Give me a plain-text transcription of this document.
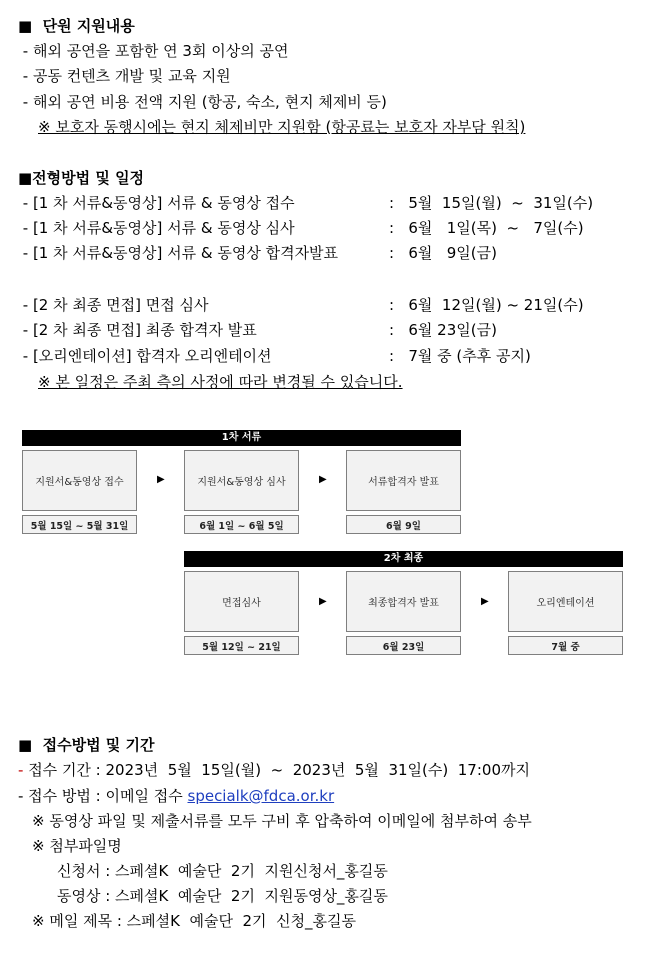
■  단원 지원내용
- 해외 공연을 포함한 연 3회 이상의 공연
- 공동 컨텐츠 개발 및 교육 지원
- 해외 공연 비용 전액 지원 (항공, 숙소, 현지 체제비 등)
※ 보호자 동행시에는 현지 체제비만 지원함 (항공료는 보호자 자부담 원칙)
■전형방법 및 일정
- [1 차 서류&동영상] 서류 & 동영상 접수	:   5월  15일(월)  ~  31일(수)
- [1 차 서류&동영상] 서류 & 동영상 심사	:   6월   1일(목)  ~   7일(수)
- [1 차 서류&동영상] 서류 & 동영상 합격자발표	:   6월   9일(금)
- [2 차 최종 면접] 면접 심사	:   6월  12일(월) ~ 21일(수)
- [2 차 최종 면접] 최종 합격자 발표	:   6월 23일(금)
- [오리엔테이션] 합격자 오리엔테이션	:   7월 중 (추후 공지)
※ 본 일정은 주최 측의 사정에 따라 변경될 수 있습니다.
1차 서류
지원서&동영상 접수
5월 15일 ~ 5월 31일
▶	지원서&동영상 심사
6월 1일 ~ 6월 5일
▶	서류합격자 발표
6월 9일
2차 최종
면접심사
5월 12일 ~ 21일
▶	최종합격자 발표
6월 23일
▶	오리엔테이션
7월 중
■  접수방법 및 기간
- 접수 기간 : 2023년  5월  15일(월)  ~  2023년  5월  31일(수)  17:00까지
- 접수 방법 : 이메일 접수 specialk@fdca.or.kr
※ 동영상 파일 및 제출서류를 모두 구비 후 압축하여 이메일에 첨부하여 송부
※ 첨부파일명
신청서 : 스페셜K  예술단  2기  지원신청서_홍길동
동영상 : 스페셜K  예술단  2기  지원동영상_홍길동
※ 메일 제목 : 스페셜K  예술단  2기  신청_홍길동
